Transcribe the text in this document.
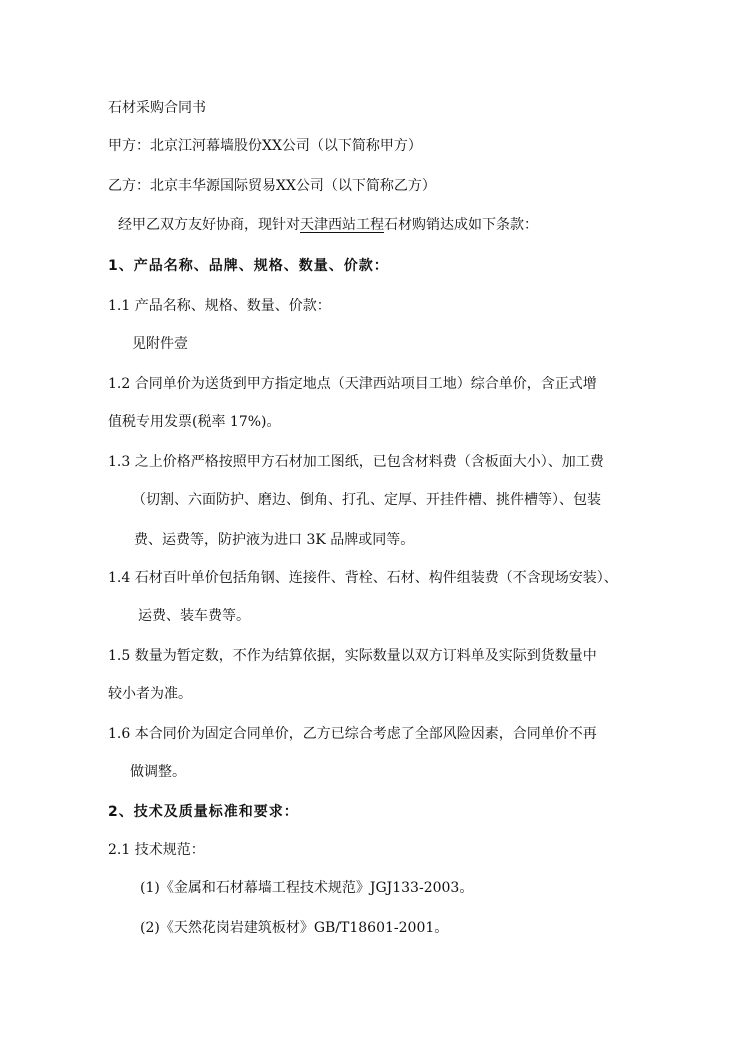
石材采购合同书
甲方：北京江河幕墙股份XX公司（以下简称甲方）
乙方：北京丰华源国际贸易XX公司（以下简称乙方）
经甲乙双方友好协商，现针对天津西站工程石材购销达成如下条款：
1、产品名称、品牌、规格、数量、价款：
1.1 产品名称、规格、数量、价款：
见附件壹
1.2 合同单价为送货到甲方指定地点（天津西站项目工地）综合单价，含正式增
值税专用发票(税率 17%)。
1.3 之上价格严格按照甲方石材加工图纸，已包含材料费（含板面大小）、加工费
（切割、六面防护、磨边、倒角、打孔、定厚、开挂件槽、挑件槽等）、包装
费、运费等，防护液为进口 3K 品牌或同等。
1.4 石材百叶单价包括角钢、连接件、背栓、石材、构件组装费（不含现场安装）、
运费、装车费等。
1.5 数量为暂定数，不作为结算依据，实际数量以双方订料单及实际到货数量中
较小者为准。
1.6 本合同价为固定合同单价，乙方已综合考虑了全部风险因素，合同单价不再
做调整。
2、技术及质量标准和要求：
2.1 技术规范：
(1)《金属和石材幕墙工程技术规范》JGJ133-2003。
(2)《天然花岗岩建筑板材》GB/T18601-2001。
